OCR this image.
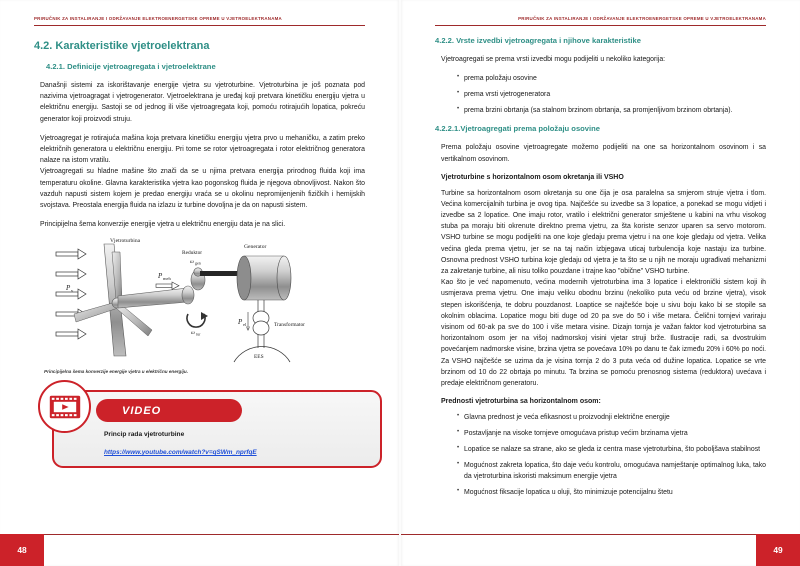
PRIRUČNIK ZA INSTALIRANJE I ODRŽAVANJE ELEKTROENERGETSKE OPREME U VJETROELEKTRANAMA
4.2. Karakteristike vjetroelektrana
4.2.1. Definicije vjetroagregata i vjetroelektrane

Današnji sistemi za iskorištavanje energije vjetra su vjetroturbine. Vjetroturbina je još poznata pod nazivima vjetroagragat i vjetrogenerator. Vjetroelektrana je uređaj koji pretvara kinetičku energiju vjetra u električnu energiju. Sastoji se od jednog ili više vjetroagregata koji, pomoću rotirajućih lopatica, pokreću generator koji proizvodi struju.

Vjetroagregat je rotirajuća mašina koja pretvara kinetičku energiju vjetra prvo u mehaničku, a zatim preko električnih generatora u električnu energiju. Pri tome se rotor vjetroagregata i rotor električnog generatora nalaze na istom vratilu.

Vjetroagregati su hladne mašine što znači da se u njima pretvara energija prirodnog fluida koji ima temperaturu okoline. Glavna karakteristika vjetra kao pogonskog fluida je njegova obnovljivost. Nakon što vazduh napusti sistem kojem je predao energiju vraća se u okolinu nepromijenjenih fizičkih i hemijskih svojstava. Preostala energija fluida na izlazu iz turbine dovoljna je da on napusti sistem.

Principijelna šema konverzije energije vjetra u električnu energiju data je na slici.

P v
P meh
P el
ω tur
ω gen
Vjetroturbina
Reduktor
Generator
Transformator
EES
Principijelna šema konverzije energije vjetra u električnu energiju.
VIDEO
Princip rada vjetroturbine
https://www.youtube.com/watch?v=qSWm_nprfqE
48
PRIRUČNIK ZA INSTALIRANJE I ODRŽAVANJE ELEKTROENERGETSKE OPREME U VJETROELEKTRANAMA
4.2.2. Vrste izvedbi vjetroagregata i njihove karakteristike

Vjetroagregati se prema vrsti izvedbi mogu podijeliti u nekoliko kategorija:

• prema položaju osovine
• prema vrsti vjetrogeneratora
• prema brzini obrtanja (sa stalnom brzinom obrtanja, sa promjenljivom brzinom obrtanja).
4.2.2.1.Vjetroagregati prema položaju osovine

Prema položaju osovine vjetroagregate možemo podijeliti na one sa horizontalnom osovinom i sa vertikalnom osovinom.

Vjetroturbine s horizontalnom osom okretanja ili VSHO

Turbine sa horizontalnom osom okretanja su one čija je osa paralelna sa smjerom struje vjetra i tlom. Većina komercijalnih turbina je ovog tipa. Najčešće su izvedbe sa 3 lopatice, a ponekad se mogu vidjeti i izvedbe sa 2 lopatice. One imaju rotor, vratilo i električni generator smještene u kabini na vrhu visokog stuba pa moraju biti okrenute direktno prema vjetru, za šta koriste senzor uparen sa servo motorom. VSHO turbine se mogu podijeliti na one koje gledaju prema vjetru i na one koje gledaju od vjetra. Velika većina gleda prema vjetru, jer se na taj način izbjegava uticaj turbulencija koje nastaju iza turbine. Osnovna prednost VSHO turbina koje gledaju od vjetra je ta što se u njih ne moraju ugrađivati mehanizmi za zakretanje turbine, ali nisu toliko pouzdane i trajne kao "obične" VSHO turbine.

Kao što je već napomenuto, većina modernih vjetroturbina ima 3 lopatice i elektronički sistem koji ih usmjerava prema vjetru. One imaju veliku obodnu brzinu (nekoliko puta veću od brzine vjetra), visok stepen iskorišćenja, te dobru pouzdanost. Loaptice se najčešće boje u sivu boju kako bi se stopile sa okolnim oblacima. Lopatice mogu biti duge od 20 pa sve do 50 i više metara. Čelični tornjevi variraju visinom od 60-ak pa sve do 100 i više metara visine. Dizajn tornja je važan faktor kod vjetroturbina sa horizontalnom osom jer na višoj nadmorskoj visini vjetar struji brže. Ilustracije radi, sa dvostrukim povećanjem nadmorske visine, brzina vjetra se povećava 10% po danu te čak između 20% i 60% po noći. Za VSHO najčešće se uzima da je visina tornja 2 do 3 puta veća od dužine lopatica. Lopatice se vrte brzinom od 10 do 22 obrtaja po minutu. Ta brzina se pomoću prenosnog sistema (reduktora) uvećava i predaje električnom generatoru.

Prednosti vjetroturbina sa horizontalnom osom:
• Glavna prednost je veća efikasnost u proizvodnji električne energije
• Postavljanje na visoke tornjeve omogućava pristup većim brzinama vjetra
• Lopatice se nalaze sa strane, ako se gleda iz centra mase vjetroturbina, što poboljšava stabilnost
• Mogućnost zakreta lopatica, što daje veću kontrolu, omogućava namještanje optimalnog luka, tako da vjetroturbina iskoristi maksimum energije vjetra
• Mogućnost fiksacije lopatica u oluji, što minimizuje potencijalnu štetu
49
